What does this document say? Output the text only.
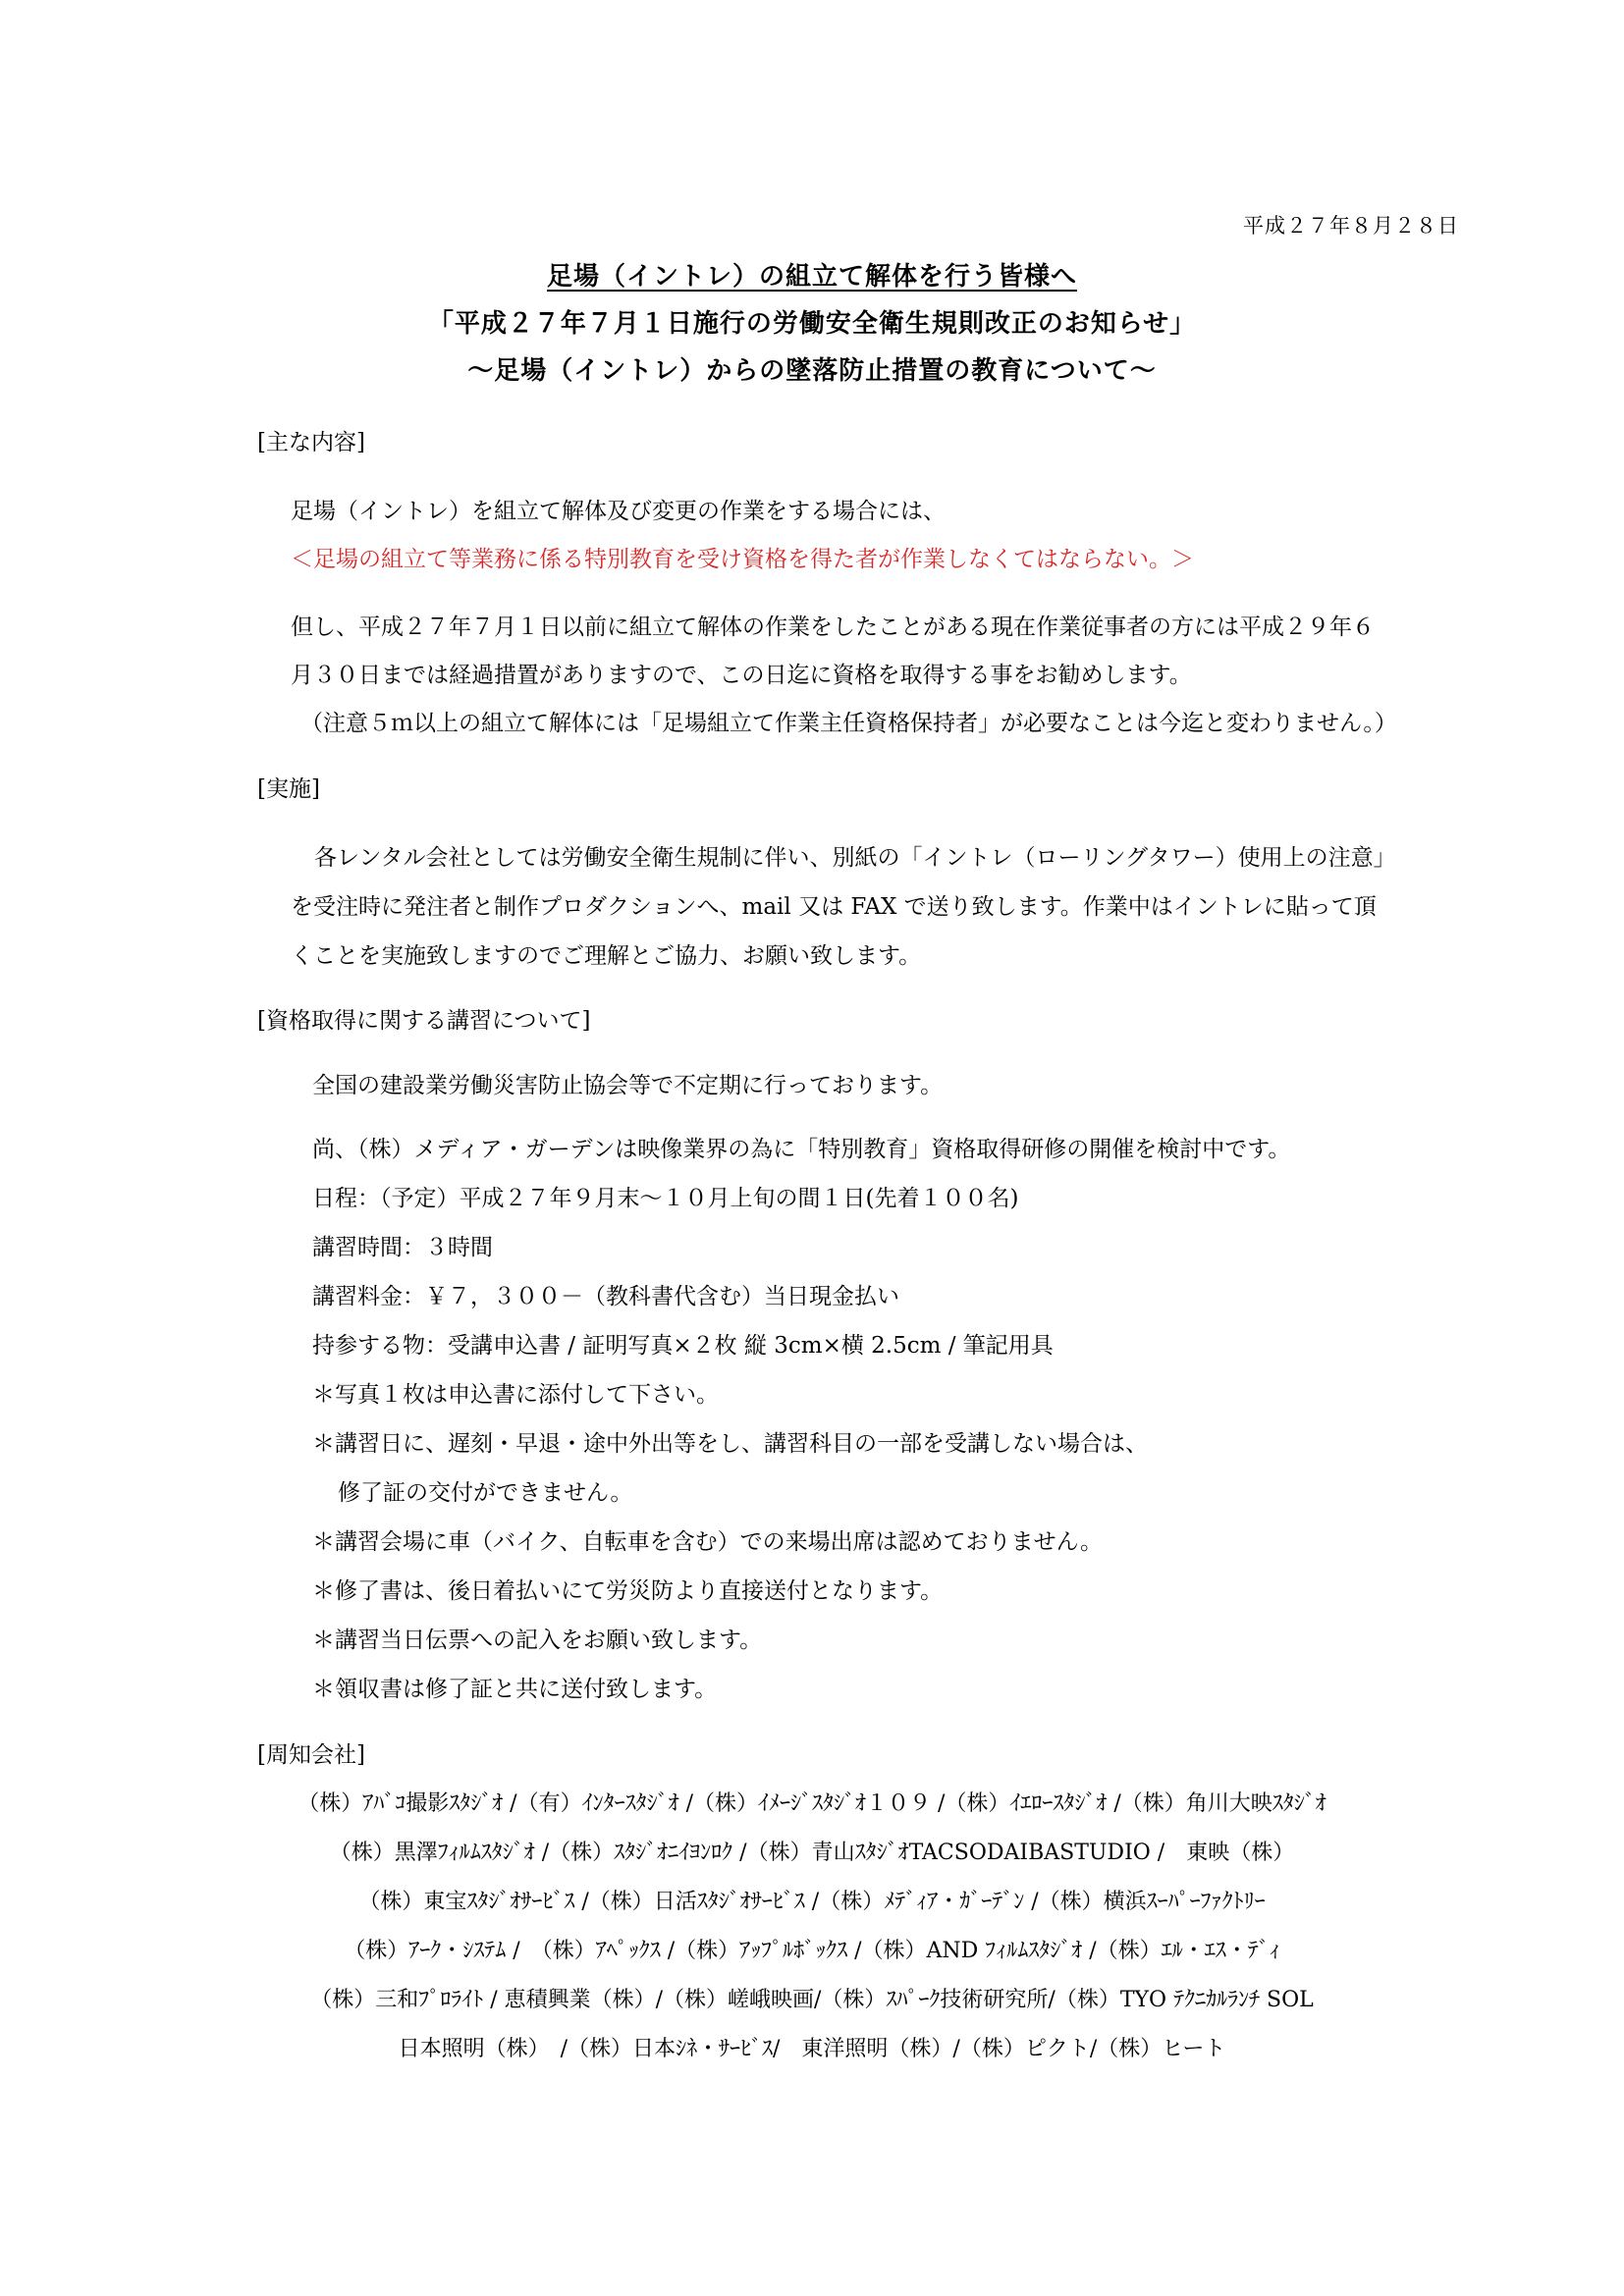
平成２７年８月２８日
足場（イントレ）の組立て解体を行う皆様へ
「平成２７年７月１日施行の労働安全衛生規則改正のお知らせ」
～足場（イントレ）からの墜落防止措置の教育について～
[主な内容]
足場（イントレ）を組立て解体及び変更の作業をする場合には、
＜足場の組立て等業務に係る特別教育を受け資格を得た者が作業しなくてはならない。＞
但し、平成２７年７月１日以前に組立て解体の作業をしたことがある現在作業従事者の方には平成２９年６
月３０日までは経過措置がありますので、この日迄に資格を取得する事をお勧めします。
（注意５ｍ以上の組立て解体には「足場組立て作業主任資格保持者」が必要なことは今迄と変わりません。）
[実施]
各レンタル会社としては労働安全衛生規制に伴い、別紙の「イントレ（ローリングタワー）使用上の注意」
を受注時に発注者と制作プロダクションへ、mail 又は FAX で送り致します。作業中はイントレに貼って頂
くことを実施致しますのでご理解とご協力、お願い致します。
[資格取得に関する講習について]
全国の建設業労働災害防止協会等で不定期に行っております。
尚、（株）メディア・ガーデンは映像業界の為に「特別教育」資格取得研修の開催を検討中です。
日程：（予定）平成２７年９月末～１０月上旬の間１日(先着１００名)
講習時間：３時間
講習料金：￥７，３００－（教科書代含む）当日現金払い
持参する物：受講申込書 / 証明写真×２枚 縦 3cm×横 2.5cm / 筆記用具
＊写真１枚は申込書に添付して下さい。
＊講習日に、遅刻・早退・途中外出等をし、講習科目の一部を受講しない場合は、
修了証の交付ができません。
＊講習会場に車（バイク、自転車を含む）での来場出席は認めておりません。
＊修了書は、後日着払いにて労災防より直接送付となります。
＊講習当日伝票への記入をお願い致します。
＊領収書は修了証と共に送付致します。
[周知会社]
（株）ｱﾊﾞｺ撮影ｽﾀｼﾞｵ /（有）ｲﾝﾀｰｽﾀｼﾞｵ /（株）ｲﾒｰｼﾞｽﾀｼﾞｵ１０９ /（株）ｲｴﾛｰｽﾀｼﾞｵ /（株）角川大映ｽﾀｼﾞｵ
（株）黒澤ﾌｨﾙﾑｽﾀｼﾞｵ /（株）ｽﾀｼﾞｵﾆｲﾖﾝﾛｸ /（株）青山ｽﾀｼﾞｵTACSODAIBASTUDIO /　東映（株）
（株）東宝ｽﾀｼﾞｵｻｰﾋﾞｽ /（株）日活ｽﾀｼﾞｵｻｰﾋﾞｽ /（株）ﾒﾃﾞｨｱ・ｶﾞｰﾃﾞﾝ /（株）横浜ｽｰﾊﾟｰﾌｧｸﾄﾘｰ
（株）ｱｰｸ・ｼｽﾃﾑ /　（株）ｱﾍﾟｯｸｽ /（株）ｱｯﾌﾟﾙﾎﾞｯｸｽ /（株）AND ﾌｨﾙﾑｽﾀｼﾞｵ /（株）ｴﾙ・ｴｽ・ﾃﾞｨ
（株）三和ﾌﾟﾛﾗｲﾄ / 恵積興業（株）/（株）嵯峨映画/（株）ｽﾊﾟｰｸ技術研究所/（株）TYO ﾃｸﾆｶﾙﾗﾝﾁ SOL
日本照明（株）　/（株）日本ｼﾈ・ｻｰﾋﾞｽ/　東洋照明（株）/（株）ピクト/（株）ヒート
